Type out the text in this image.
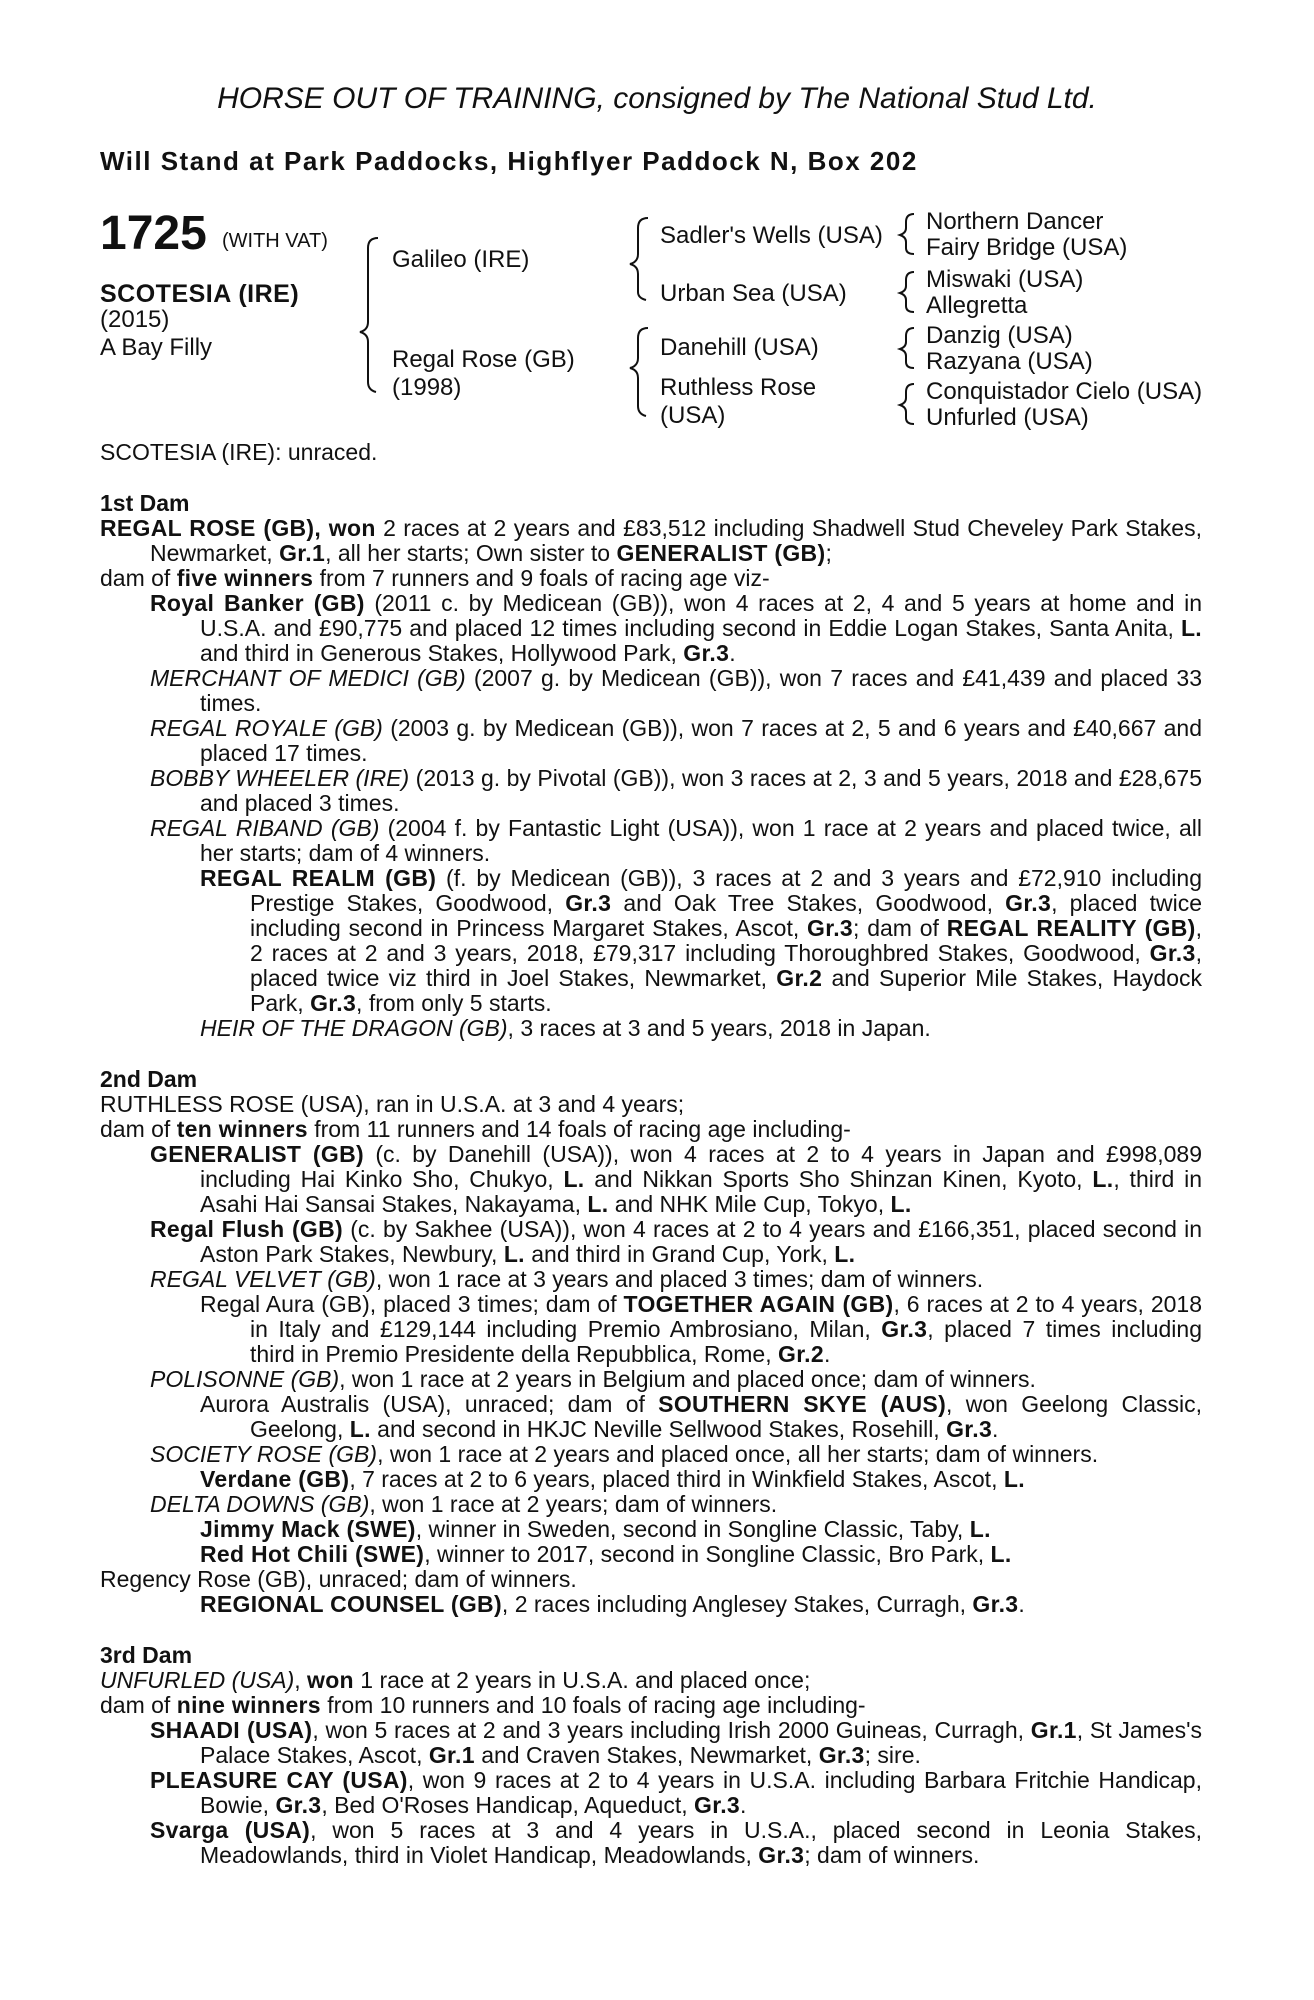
HORSE OUT OF TRAINING, consigned by The National Stud Ltd.
Will Stand at Park Paddocks, Highflyer Paddock N, Box 202
1725 (WITH VAT)
SCOTESIA (IRE)
(2015)
A Bay Filly
Galileo (IRE)
Regal Rose (GB)
(1998)
Sadler's Wells (USA)
Urban Sea (USA)
Danehill (USA)
Ruthless Rose
(USA)
Northern Dancer
Fairy Bridge (USA)
Miswaki (USA)
Allegretta
Danzig (USA)
Razyana (USA)
Conquistador Cielo (USA)
Unfurled (USA)

SCOTESIA (IRE): unraced.

1st Dam

REGAL ROSE (GB), won 2 races at 2 years and £83,512 including Shadwell Stud Cheveley Park Stakes, Newmarket, Gr.1, all her starts; Own sister to GENERALIST (GB);

dam of five winners from 7 runners and 9 foals of racing age viz-

Royal Banker (GB) (2011 c. by Medicean (GB)), won 4 races at 2, 4 and 5 years at home and in U.S.A. and £90,775 and placed 12 times including second in Eddie Logan Stakes, Santa Anita, L. and third in Generous Stakes, Hollywood Park, Gr.3.

MERCHANT OF MEDICI (GB) (2007 g. by Medicean (GB)), won 7 races and £41,439 and placed 33 times.

REGAL ROYALE (GB) (2003 g. by Medicean (GB)), won 7 races at 2, 5 and 6 years and £40,667 and placed 17 times.

BOBBY WHEELER (IRE) (2013 g. by Pivotal (GB)), won 3 races at 2, 3 and 5 years, 2018 and £28,675 and placed 3 times.

REGAL RIBAND (GB) (2004 f. by Fantastic Light (USA)), won 1 race at 2 years and placed twice, all her starts; dam of 4 winners.

REGAL REALM (GB) (f. by Medicean (GB)), 3 races at 2 and 3 years and £72,910 including Prestige Stakes, Goodwood, Gr.3 and Oak Tree Stakes, Goodwood, Gr.3, placed twice including second in Princess Margaret Stakes, Ascot, Gr.3; dam of REGAL REALITY (GB), 2 races at 2 and 3 years, 2018, £79,317 including Thoroughbred Stakes, Goodwood, Gr.3, placed twice viz third in Joel Stakes, Newmarket, Gr.2 and Superior Mile Stakes, Haydock Park, Gr.3, from only 5 starts.

HEIR OF THE DRAGON (GB), 3 races at 3 and 5 years, 2018 in Japan.

2nd Dam

RUTHLESS ROSE (USA), ran in U.S.A. at 3 and 4 years;

dam of ten winners from 11 runners and 14 foals of racing age including-

GENERALIST (GB) (c. by Danehill (USA)), won 4 races at 2 to 4 years in Japan and £998,089 including Hai Kinko Sho, Chukyo, L. and Nikkan Sports Sho Shinzan Kinen, Kyoto, L., third in Asahi Hai Sansai Stakes, Nakayama, L. and NHK Mile Cup, Tokyo, L.

Regal Flush (GB) (c. by Sakhee (USA)), won 4 races at 2 to 4 years and £166,351, placed second in Aston Park Stakes, Newbury, L. and third in Grand Cup, York, L.

REGAL VELVET (GB), won 1 race at 3 years and placed 3 times; dam of winners.

Regal Aura (GB), placed 3 times; dam of TOGETHER AGAIN (GB), 6 races at 2 to 4 years, 2018 in Italy and £129,144 including Premio Ambrosiano, Milan, Gr.3, placed 7 times including third in Premio Presidente della Repubblica, Rome, Gr.2.

POLISONNE (GB), won 1 race at 2 years in Belgium and placed once; dam of winners.

Aurora Australis (USA), unraced; dam of SOUTHERN SKYE (AUS), won Geelong Classic, Geelong, L. and second in HKJC Neville Sellwood Stakes, Rosehill, Gr.3.

SOCIETY ROSE (GB), won 1 race at 2 years and placed once, all her starts; dam of winners.

Verdane (GB), 7 races at 2 to 6 years, placed third in Winkfield Stakes, Ascot, L.

DELTA DOWNS (GB), won 1 race at 2 years; dam of winners.

Jimmy Mack (SWE), winner in Sweden, second in Songline Classic, Taby, L.

Red Hot Chili (SWE), winner to 2017, second in Songline Classic, Bro Park, L.

Regency Rose (GB), unraced; dam of winners.

REGIONAL COUNSEL (GB), 2 races including Anglesey Stakes, Curragh, Gr.3.

3rd Dam

UNFURLED (USA), won 1 race at 2 years in U.S.A. and placed once;

dam of nine winners from 10 runners and 10 foals of racing age including-

SHAADI (USA), won 5 races at 2 and 3 years including Irish 2000 Guineas, Curragh, Gr.1, St James's Palace Stakes, Ascot, Gr.1 and Craven Stakes, Newmarket, Gr.3; sire.

PLEASURE CAY (USA), won 9 races at 2 to 4 years in U.S.A. including Barbara Fritchie Handicap, Bowie, Gr.3, Bed O'Roses Handicap, Aqueduct, Gr.3.

Svarga (USA), won 5 races at 3 and 4 years in U.S.A., placed second in Leonia Stakes, Meadowlands, third in Violet Handicap, Meadowlands, Gr.3; dam of winners.
